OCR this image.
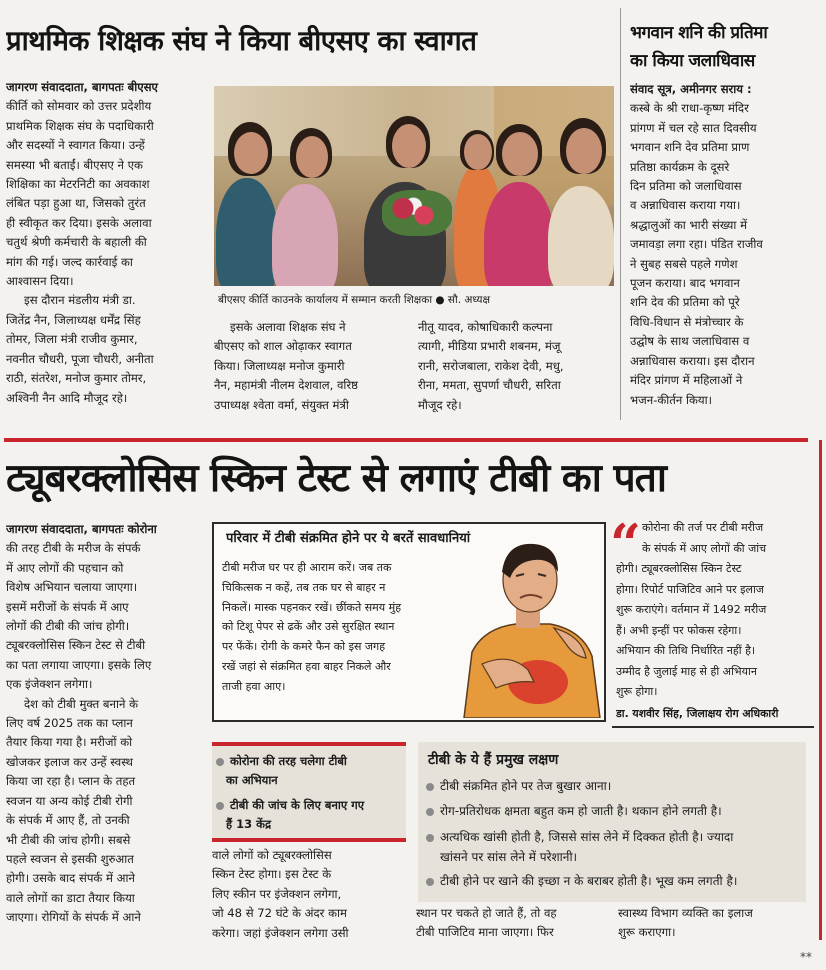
प्राथमिक शिक्षक संघ ने किया बीएसए का स्वागत
जागरण संवाददाता, बागपतः बीएसए
कीर्ति को सोमवार को उत्तर प्रदेशीय
प्राथमिक शिक्षक संघ के पदाधिकारी
और सदस्यों ने स्वागत किया। उन्हें
समस्या भी बताईं। बीएसए ने एक
शिक्षिका का मेटरनिटी का अवकाश
लंबित पड़ा हुआ था, जिसको तुरंत
ही स्वीकृत कर दिया। इसके अलावा
चतुर्थ श्रेणी कर्मचारी के बहाली की
मांग की गई। जल्द कार्रवाई का
आश्वासन दिया।
इस दौरान मंडलीय मंत्री डा.
जितेंद्र नैन, जिलाध्यक्ष धर्मेंद्र सिंह
तोमर, जिला मंत्री राजीव कुमार,
नवनीत चौधरी, पूजा चौधरी, अनीता
राठी, संतरेश, मनोज कुमार तोमर,
अश्विनी नैन आदि मौजूद रहे।
बीएसए कीर्ति काउनके कार्यालय में सम्मान करती शिक्षका ● सौ. अध्यक्ष
इसके अलावा शिक्षक संघ ने
बीएसए को शाल ओढ़ाकर स्वागत
किया। जिलाध्यक्ष मनोज कुमारी
नैन, महामंत्री नीलम देशवाल, वरिष्ठ
उपाध्यक्ष श्वेता वर्मा, संयुक्त मंत्री
नीतू यादव, कोषाधिकारी कल्पना
त्यागी, मीडिया प्रभारी शबनम, मंजू
रानी, सरोजबाला, राकेश देवी, मधु,
रीना, ममता, सुपर्णा चौधरी, सरिता
मौजूद रहे।
भगवान शनि की प्रतिमा
का किया जलाधिवास
संवाद सूत्र, अमीनगर सराय :
कस्बे के श्री राधा-कृष्ण मंदिर
प्रांगण में चल रहे सात दिवसीय
भगवान शनि देव प्रतिमा प्राण
प्रतिष्ठा कार्यक्रम के दूसरे
दिन प्रतिमा को जलाधिवास
व अन्नाधिवास कराया गया।
श्रद्धालुओं का भारी संख्या में
जमावड़ा लगा रहा। पंडित राजीव
ने सुबह सबसे पहले गणेश
पूजन कराया। बाद भगवान
शनि देव की प्रतिमा को पूरे
विधि-विधान से मंत्रोच्चार के
उद्घोष के साथ जलाधिवास व
अन्नाधिवास कराया। इस दौरान
मंदिर प्रांगण में महिलाओं ने
भजन-कीर्तन किया।
ट्यूबरक्लोसिस स्किन टेस्ट से लगाएं टीबी का पता
जागरण संवाददाता, बागपतः कोरोना
की तरह टीबी के मरीज के संपर्क
में आए लोगों की पहचान को
विशेष अभियान चलाया जाएगा।
इसमें मरीजों के संपर्क में आए
लोगों की टीबी की जांच होगी।
ट्यूबरक्लोसिस स्किन टेस्ट से टीबी
का पता लगाया जाएगा। इसके लिए
एक इंजेक्शन लगेगा।
देश को टीबी मुक्त बनाने के
लिए वर्ष 2025 तक का प्लान
तैयार किया गया है। मरीजों को
खोजकर इलाज कर उन्हें स्वस्थ
किया जा रहा है। प्लान के तहत
स्वजन या अन्य कोई टीबी रोगी
के संपर्क में आए हैं, तो उनकी
भी टीबी की जांच होगी। सबसे
पहले स्वजन से इसकी शुरुआत
होगी। उसके बाद संपर्क में आने
वाले लोगों का डाटा तैयार किया
जाएगा। रोगियों के संपर्क में आने
परिवार में टीबी संक्रमित होने पर ये बरतें सावधानियां
टीबी मरीज घर पर ही आराम करें। जब तक
चिकित्सक न कहें, तब तक घर से बाहर न
निकलें। मास्क पहनकर रखें। छींकते समय मुंह
को टिशू पेपर से ढकें और उसे सुरक्षित स्थान
पर फेंकें। रोगी के कमरे फैन को इस जगह
रखें जहां से संक्रमित हवा बाहर निकले और
ताजी हवा आए।
“ कोरोना की तर्ज पर टीबी मरीज
के संपर्क में आए लोगों की जांच
होगी। ट्यूबरक्लोसिस स्किन टेस्ट
होगा। रिपोर्ट पाजिटिव आने पर इलाज
शुरू कराएंगे। वर्तमान में 1492 मरीज
हैं। अभी इन्हीं पर फोकस रहेगा।
अभियान की तिथि निर्धारित नहीं है।
उम्मीद है जुलाई माह से ही अभियान
शुरू होगा।
डा. यशवीर सिंह, जिलाक्षय रोग अधिकारी
कोरोना की तरह चलेगा टीबी
का अभियान
टीबी की जांच के लिए बनाए गए
हैं 13 केंद्र
वाले लोगों को ट्यूबरक्लोसिस
स्किन टेस्ट होगा। इस टेस्ट के
लिए स्कीन पर इंजेक्शन लगेगा,
जो 48 से 72 घंटे के अंदर काम
करेगा। जहां इंजेक्शन लगेगा उसी
टीबी के ये हैं प्रमुख लक्षण
टीबी संक्रमित होने पर तेज बुखार आना।
रोग-प्रतिरोधक क्षमता बहुत कम हो जाती है। थकान होने लगती है।
अत्यधिक खांसी होती है, जिससे सांस लेने में दिक्कत होती है। ज्यादा
खांसने पर सांस लेने में परेशानी।
टीबी होने पर खाने की इच्छा न के बराबर होती है। भूख कम लगती है।
स्थान पर चकते हो जाते हैं, तो वह
टीबी पाजिटिव माना जाएगा। फिर
स्वास्थ्य विभाग व्यक्ति का इलाज
शुरू कराएगा।
**
